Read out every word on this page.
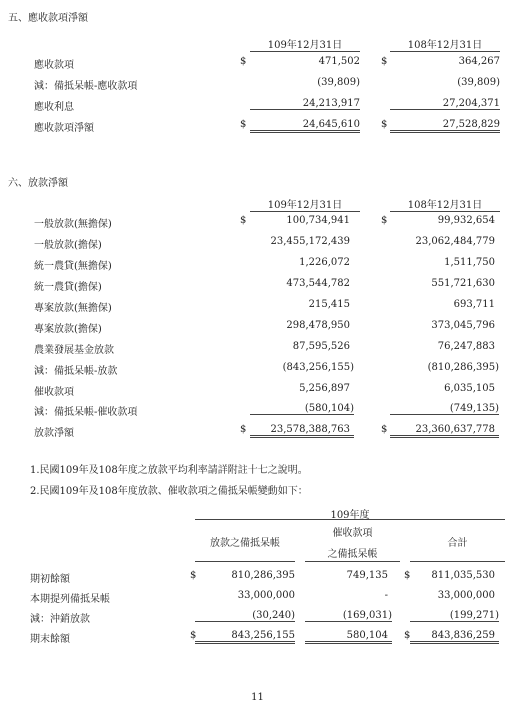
五、應收款項淨額
109年12月31日	108年12月31日
應收款項	$	471,502 $	364,267
減：備抵呆帳-應收款項	(39,809)	(39,809)
應收利息	24,213,917	27,204,371
應收款項淨額	$	24,645,610 $	27,528,829
六、放款淨額
109年12月31日	108年12月31日
一般放款(無擔保)	$	100,734,941	$	99,932,654
一般放款(擔保)	23,455,172,439	23,062,484,779
統一農貸(無擔保)	1,226,072	1,511,750
統一農貸(擔保)	473,544,782	551,721,630
專案放款(無擔保)	215,415	693,711
專案放款(擔保)	298,478,950	373,045,796
農業發展基金放款	87,595,526	76,247,883
減：備抵呆帳-放款	(843,256,155)	(810,286,395)
催收款項	5,256,897	6,035,105
減：備抵呆帳-催收款項	(580,104)	(749,135)
放款淨額	$	23,578,388,763	$	23,360,637,778
1.民國109年及108年度之放款平均利率請詳附註十七之說明。
2.民國109年及108年度放款、催收款項之備抵呆帳變動如下：
109年度
放款之備抵呆帳
催收款項
之備抵呆帳
合計
期初餘額	$	810,286,395	749,135 $	811,035,530
本期提列備抵呆帳	33,000,000	-	33,000,000
減：沖銷放款	(30,240)	(169,031)	(199,271)
期末餘額	$	843,256,155	580,104	$	843,836,259
11
